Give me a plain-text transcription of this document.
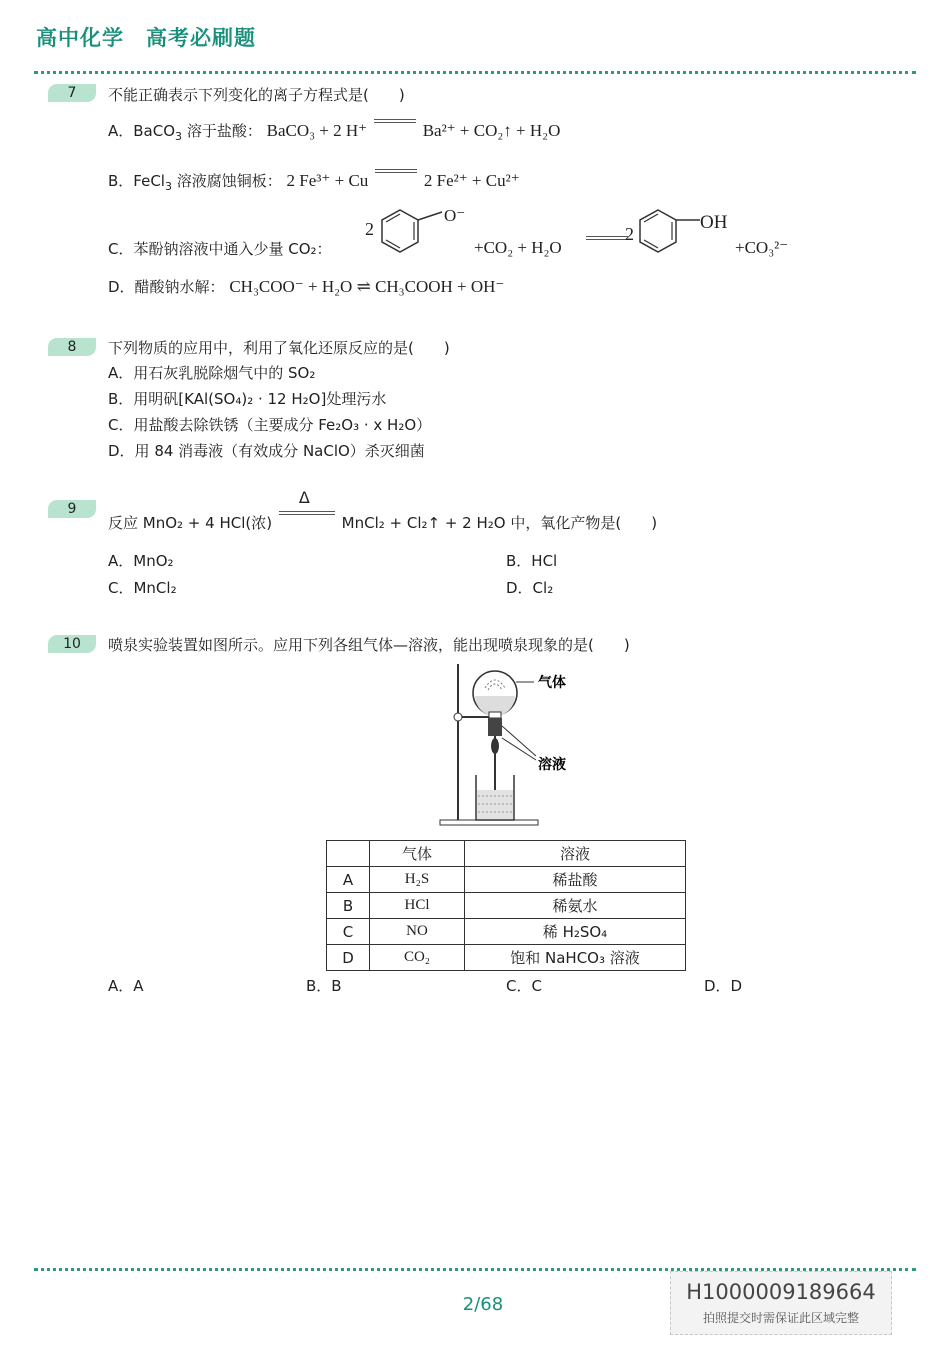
高中化学　高考必刷题
7	不能正确表示下列变化的离子方程式是(　　)
A．BaCO$_3$ 溶于盐酸： BaCO₃ + 2 H⁺	Ba²⁺ + CO₂↑ + H₂O
B．FeCl$_3$ 溶液腐蚀铜板： 2 Fe³⁺ + Cu	2 Fe²⁺ + Cu²⁺
C．苯酚钠溶液中通入少量 CO₂：
2
O⁻
+CO₂ + H₂O
2
OH
+CO₃²⁻
D．醋酸钠水解： CH₃COO⁻ + H₂O ⇌ CH₃COOH + OH⁻
8	下列物质的应用中，利用了氧化还原反应的是(　　)
A．用石灰乳脱除烟气中的 SO₂
B．用明矾[KAl(SO₄)₂ · 12 H₂O]处理污水
C．用盐酸去除铁锈（主要成分 Fe₂O₃ · x H₂O）
D．用 84 消毒液（有效成分 NaClO）杀灭细菌
9
反应 MnO₂ + 4 HCl(浓)
Δ
MnCl₂ + Cl₂↑ + 2 H₂O 中，氧化产物是(　　)
A．MnO₂	B．HCl
C．MnCl₂	D．Cl₂
10	喷泉实验装置如图所示。应用下列各组气体—溶液，能出现喷泉现象的是(　　)
气体
溶液
	气体	溶液
A	H₂S	稀盐酸
B	HCl	稀氨水
C	NO	稀 H₂SO₄
D	CO₂	饱和 NaHCO₃ 溶液
A．A	B．B	C．C	D．D
2/68
H1000009189664
拍照提交时需保证此区域完整
